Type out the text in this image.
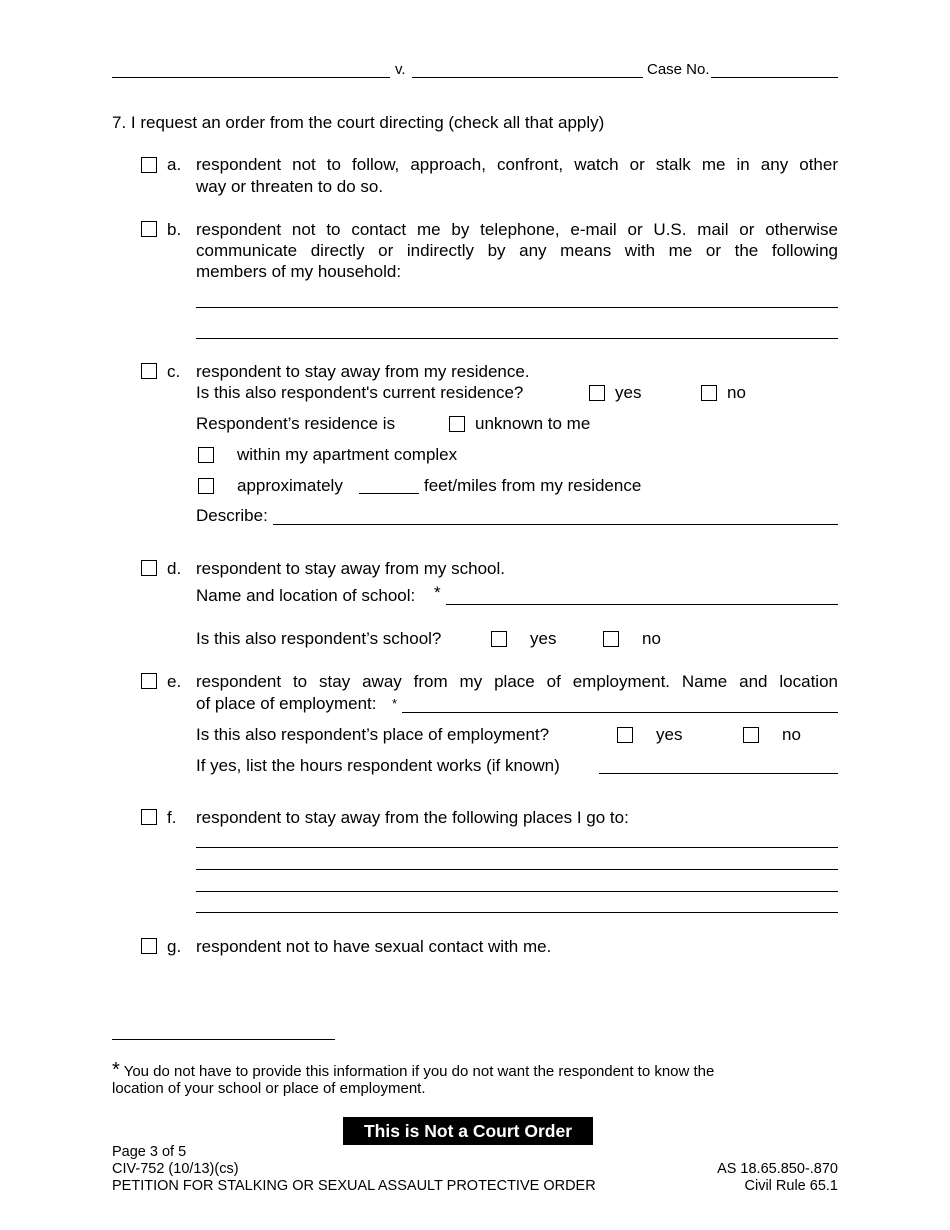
v.	Case No.
7. I request an order from the court directing (check all that apply)
a. respondent not to follow, approach, confront, watch or stalk me in any other
way or threaten to do so.
b. respondent not to contact me by telephone, e-mail or U.S. mail or otherwise
communicate directly or indirectly by any means with me or the following
members of my household:
c. respondent to stay away from my residence.
Is this also respondent's current residence?	yes	no
Respondent’s residence is	unknown to me
within my apartment complex
approximately	feet/miles from my residence
Describe:
d. respondent to stay away from my school.
Name and location of school: *
Is this also respondent’s school?	yes	no
e. respondent to stay away from my place of employment. Name and location
of place of employment: *
Is this also respondent’s place of employment?	yes	no
If yes, list the hours respondent works (if known)
f. respondent to stay away from the following places I go to:
g. respondent not to have sexual contact with me.
* You do not have to provide this information if you do not want the respondent to know the
location of your school or place of employment.
This is Not a Court Order
Page 3 of 5
CIV-752 (10/13)(cs)
PETITION FOR STALKING OR SEXUAL ASSAULT PROTECTIVE ORDER
AS 18.65.850-.870
Civil Rule 65.1
